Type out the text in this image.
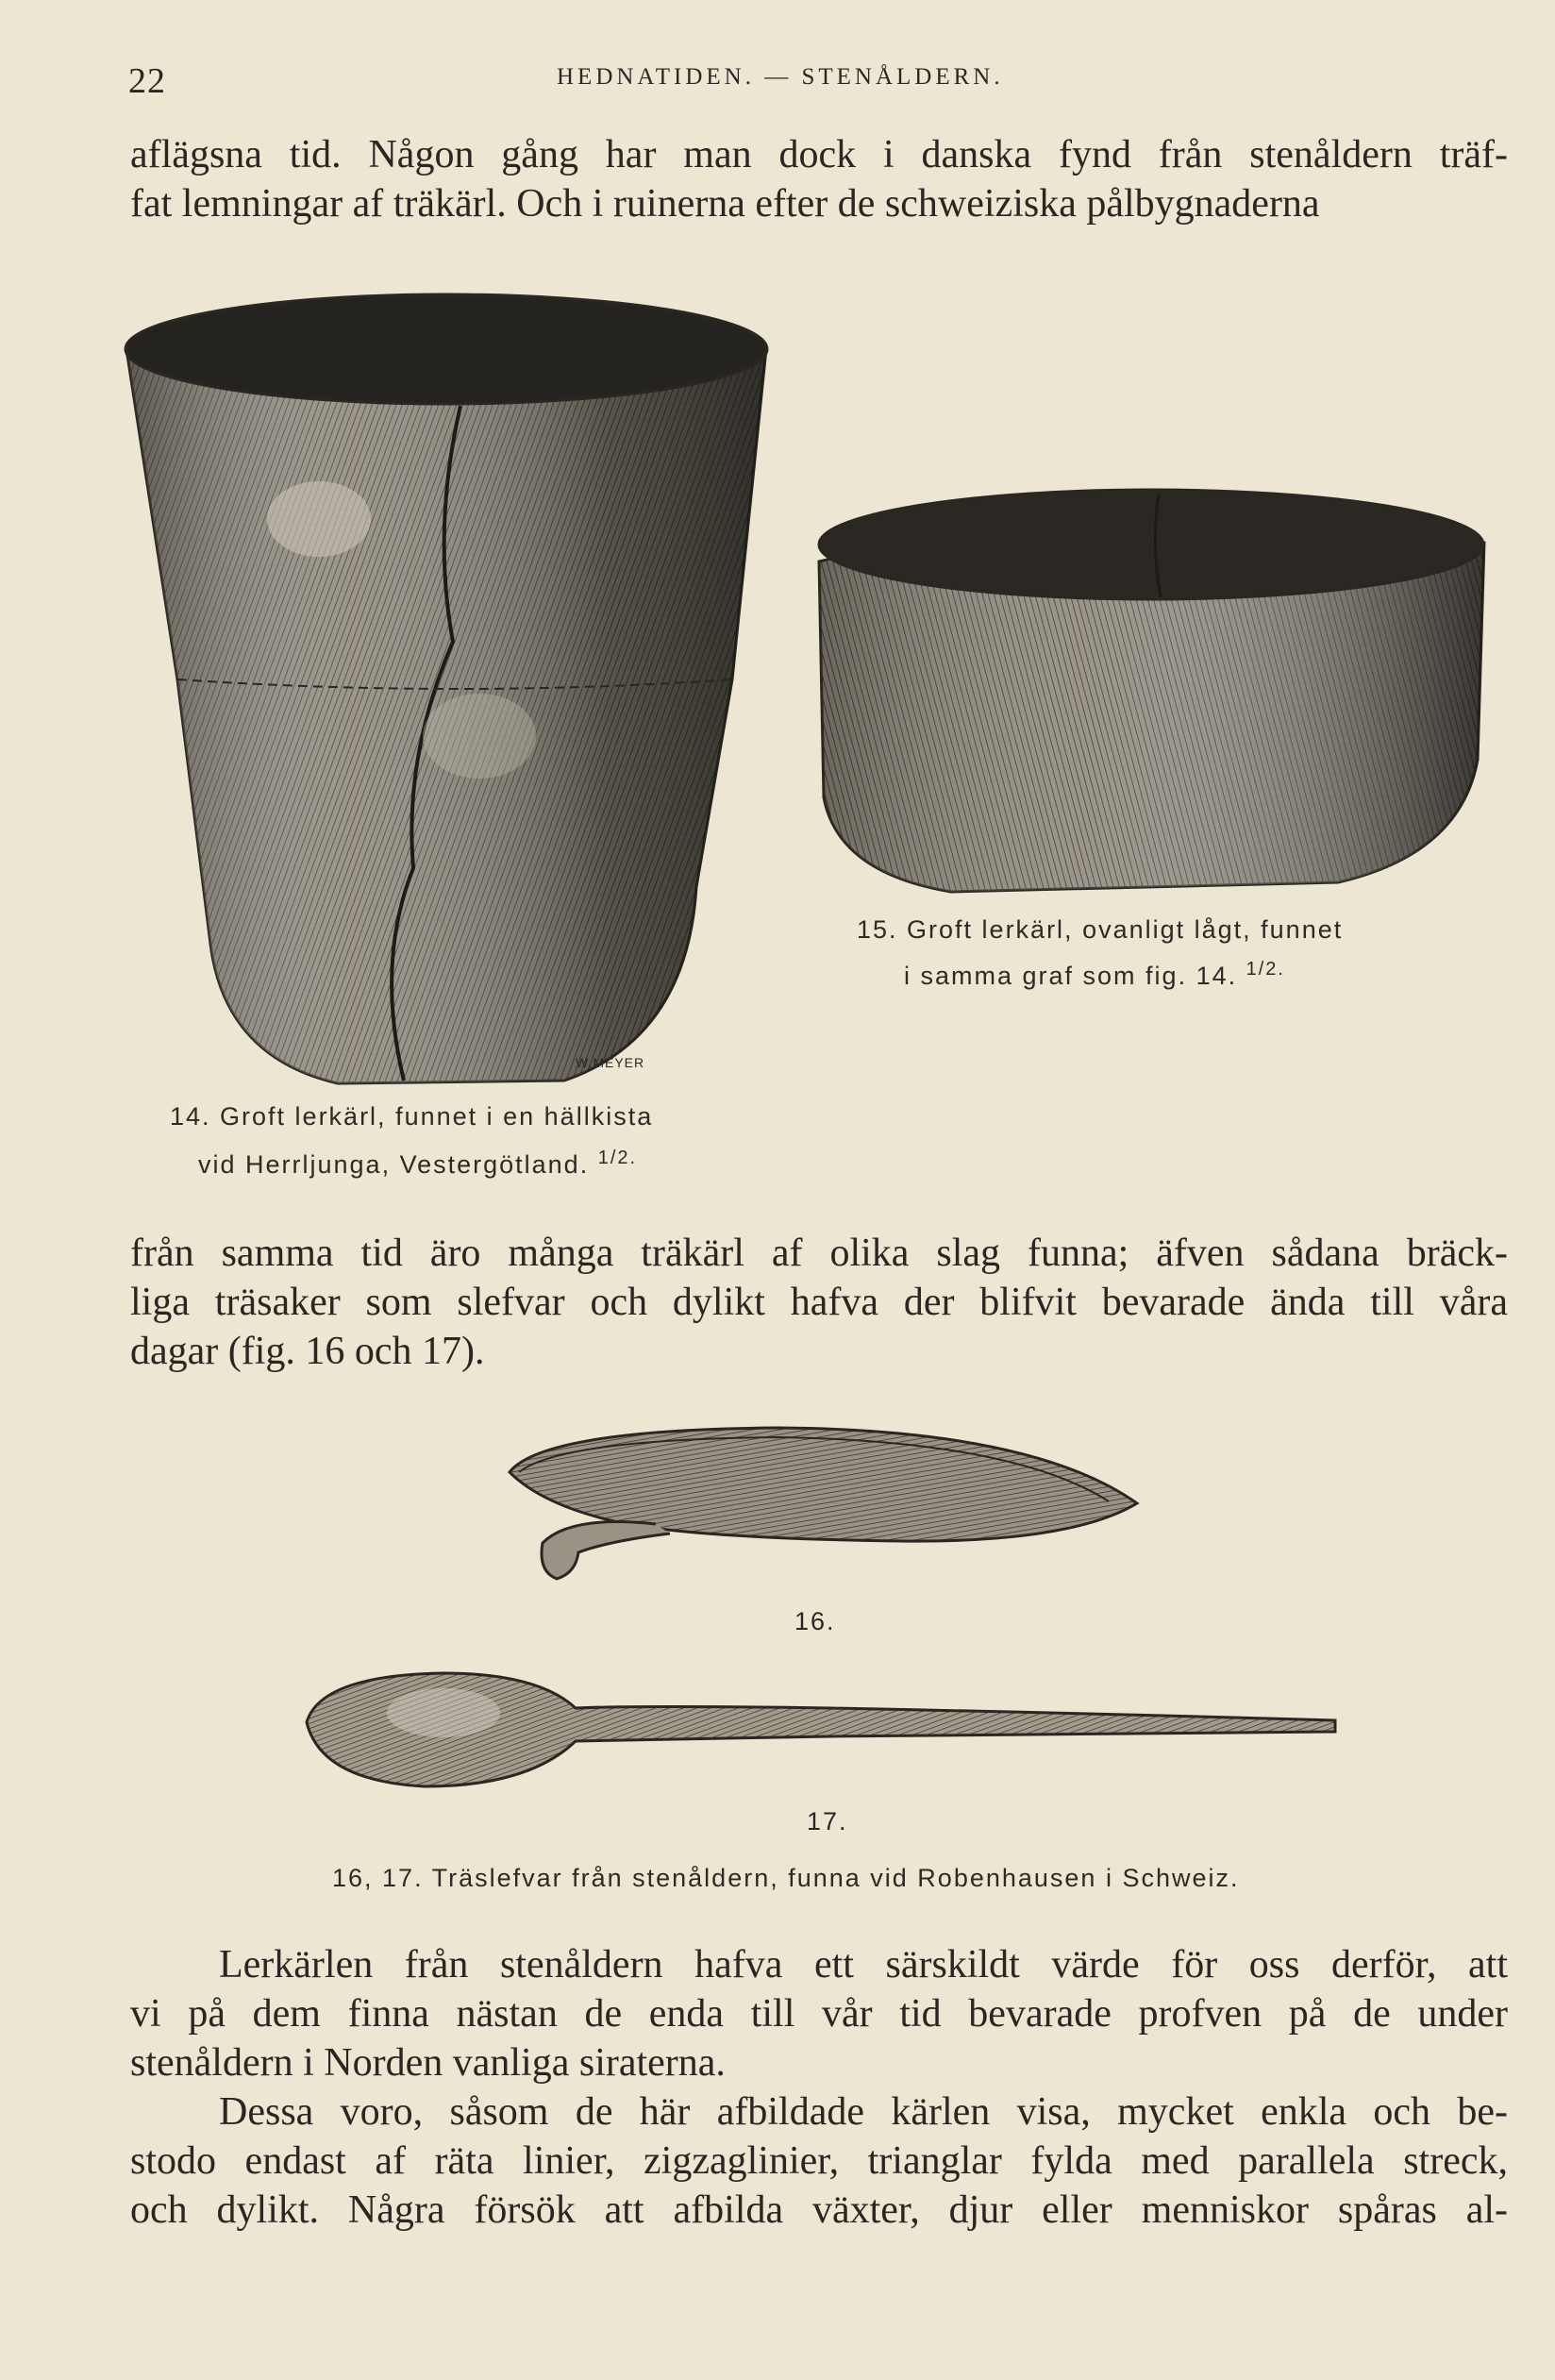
22	HEDNATIDEN. — STENÅLDERN.
aflägsna tid. Någon gång har man dock i danska fynd från stenåldern träf-
fat lemningar af träkärl. Och i ruinerna efter de schweiziska pålbygnaderna
W.MEYER
14. Groft lerkärl, funnet i en hällkista
vid Herrljunga, Vestergötland. $^{1/2.}$
15. Groft lerkärl, ovanligt lågt, funnet
i samma graf som fig. 14. $^{1/2.}$
från samma tid äro många träkärl af olika slag funna; äfven sådana bräck-
liga träsaker som slefvar och dylikt hafva der blifvit bevarade ända till våra
dagar (fig. 16 och 17).
16.
17.
16, 17. Träslefvar från stenåldern, funna vid Robenhausen i Schweiz.
Lerkärlen från stenåldern hafva ett särskildt värde för oss derför, att
vi på dem finna nästan de enda till vår tid bevarade profven på de under
stenåldern i Norden vanliga siraterna.
Dessa voro, såsom de här afbildade kärlen visa, mycket enkla och be-
stodo endast af räta linier, zigzaglinier, trianglar fylda med parallela streck,
och dylikt. Några försök att afbilda växter, djur eller menniskor spåras al-
